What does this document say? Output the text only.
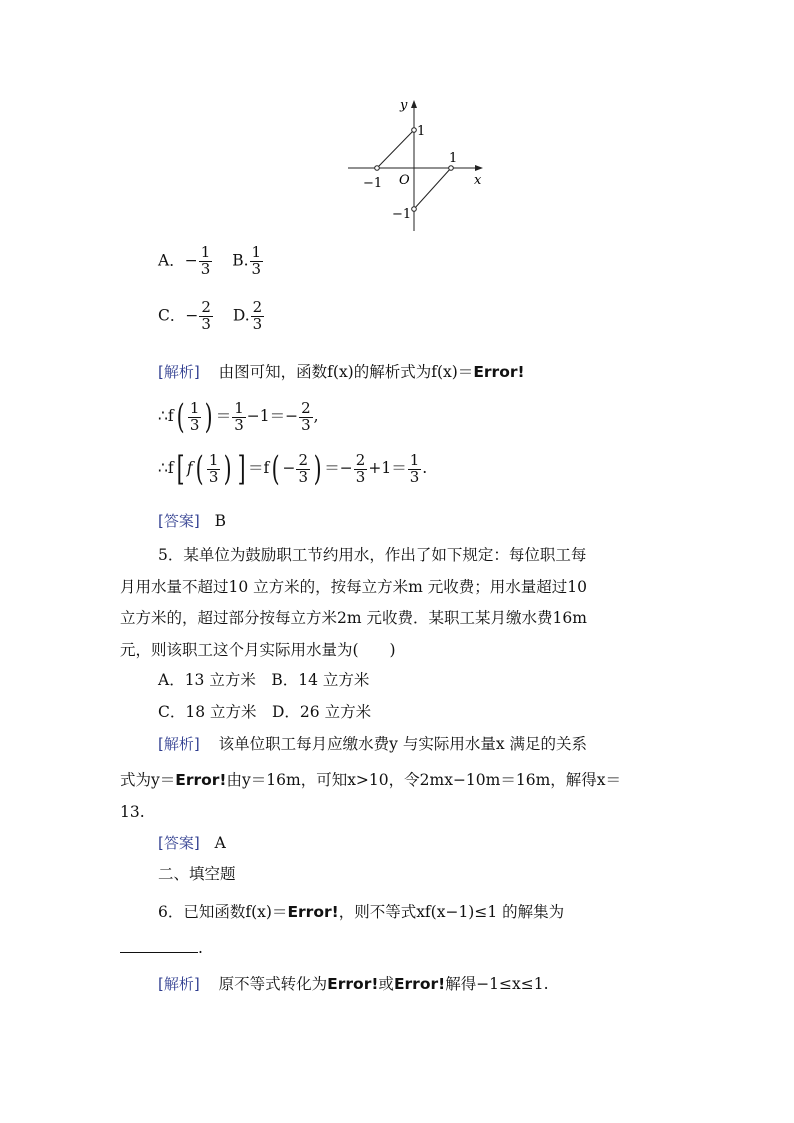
y
x
O
−1
1
1
−1
A．− $\frac{1}{3} B$. $\frac{1}{3}$
C．− $\frac{2}{3} D$. $\frac{2}{3}$
[解析] 由图可知，函数f(x)的解析式为f(x)＝Error!
∴f( $\frac{1}{3}$ ) ＝ $\frac{1}{3} -1=- \frac{2}{3}$ ,
∴f[ $f( \frac{1}{3}$ ) ] $=f( - \frac{2}{3}$ ) ＝− $\frac{2}{3} +1= \frac{1}{3}$ .
[答案] B
5．某单位为鼓励职工节约用水，作出了如下规定：每位职工每
月用水量不超过10 立方米的，按每立方米m 元收费；用水量超过10
立方米的，超过部分按每立方米2m 元收费．某职工某月缴水费16m
元，则该职工这个月实际用水量为(　　)
A．13 立方米　B．14 立方米
C．18 立方米　D．26 立方米
[解析] 该单位职工每月应缴水费y 与实际用水量x 满足的关系
式为y＝Error!由y＝16m，可知x>10，令2mx−10m＝16m，解得x＝
13.
[答案] A
二、填空题
6．已知函数f(x)＝Error!，则不等式xf(x−1)≤1 的解集为
.
[解析] 原不等式转化为Error!或Error!解得−1≤x≤1.
